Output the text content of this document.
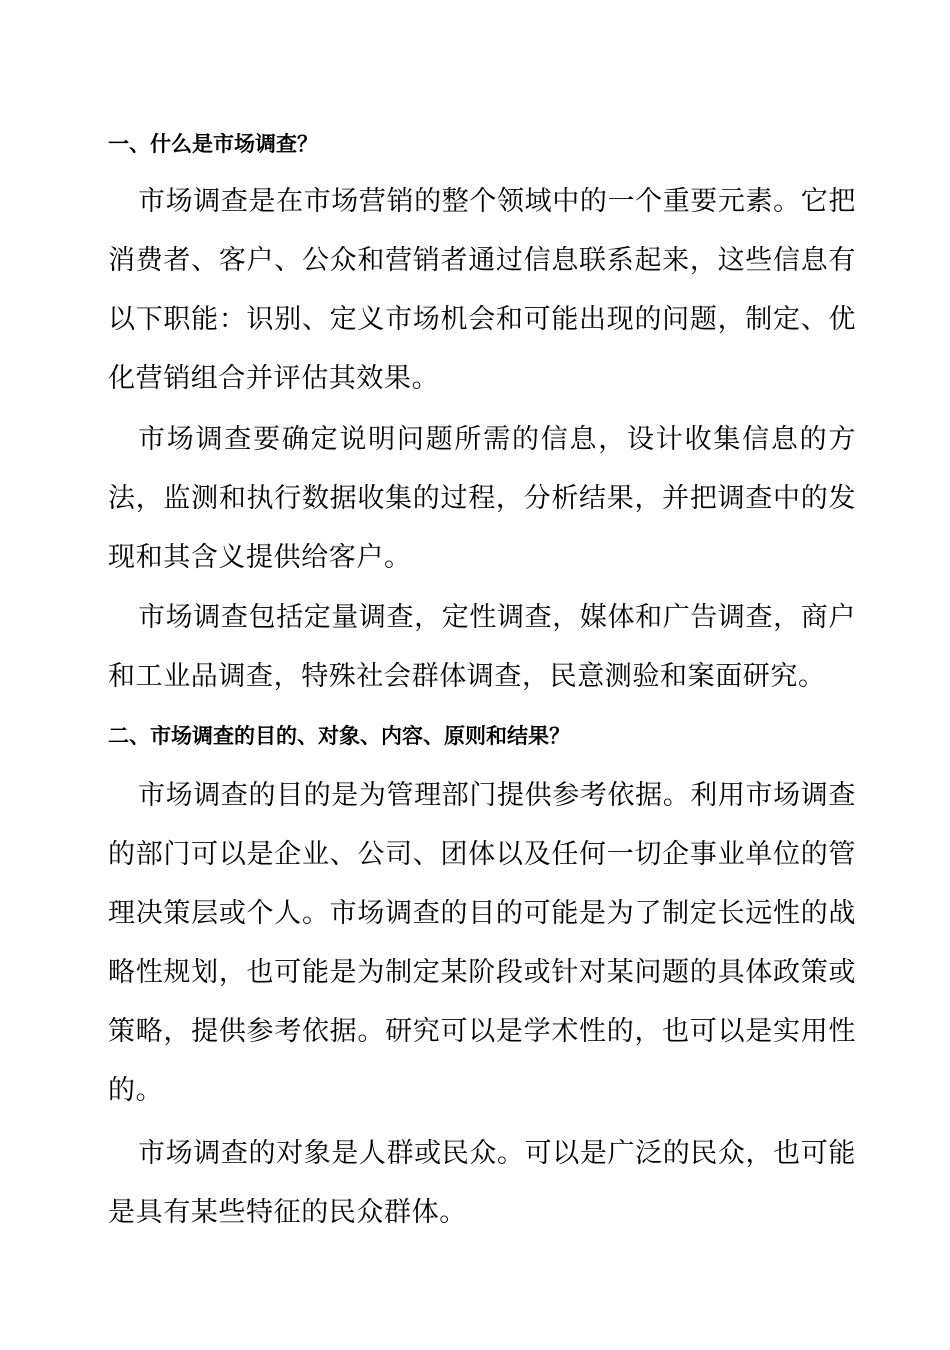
一、什么是市场调查？

市场调查是在市场营销的整个领域中的一个重要元素。它把消费者、客户、公众和营销者通过信息联系起来，这些信息有以下职能：识别、定义市场机会和可能出现的问题，制定、优化营销组合并评估其效果。

市场调查要确定说明问题所需的信息，设计收集信息的方法，监测和执行数据收集的过程，分析结果，并把调查中的发现和其含义提供给客户。

市场调查包括定量调查，定性调查，媒体和广告调查，商户和工业品调查，特殊社会群体调查，民意测验和案面研究。

二、市场调查的目的、对象、内容、原则和结果？

市场调查的目的是为管理部门提供参考依据。利用市场调查的部门可以是企业、公司、团体以及任何一切企事业单位的管理决策层或个人。市场调查的目的可能是为了制定长远性的战略性规划，也可能是为制定某阶段或针对某问题的具体政策或策略，提供参考依据。研究可以是学术性的，也可以是实用性的。

市场调查的对象是人群或民众。可以是广泛的民众，也可能是具有某些特征的民众群体。
